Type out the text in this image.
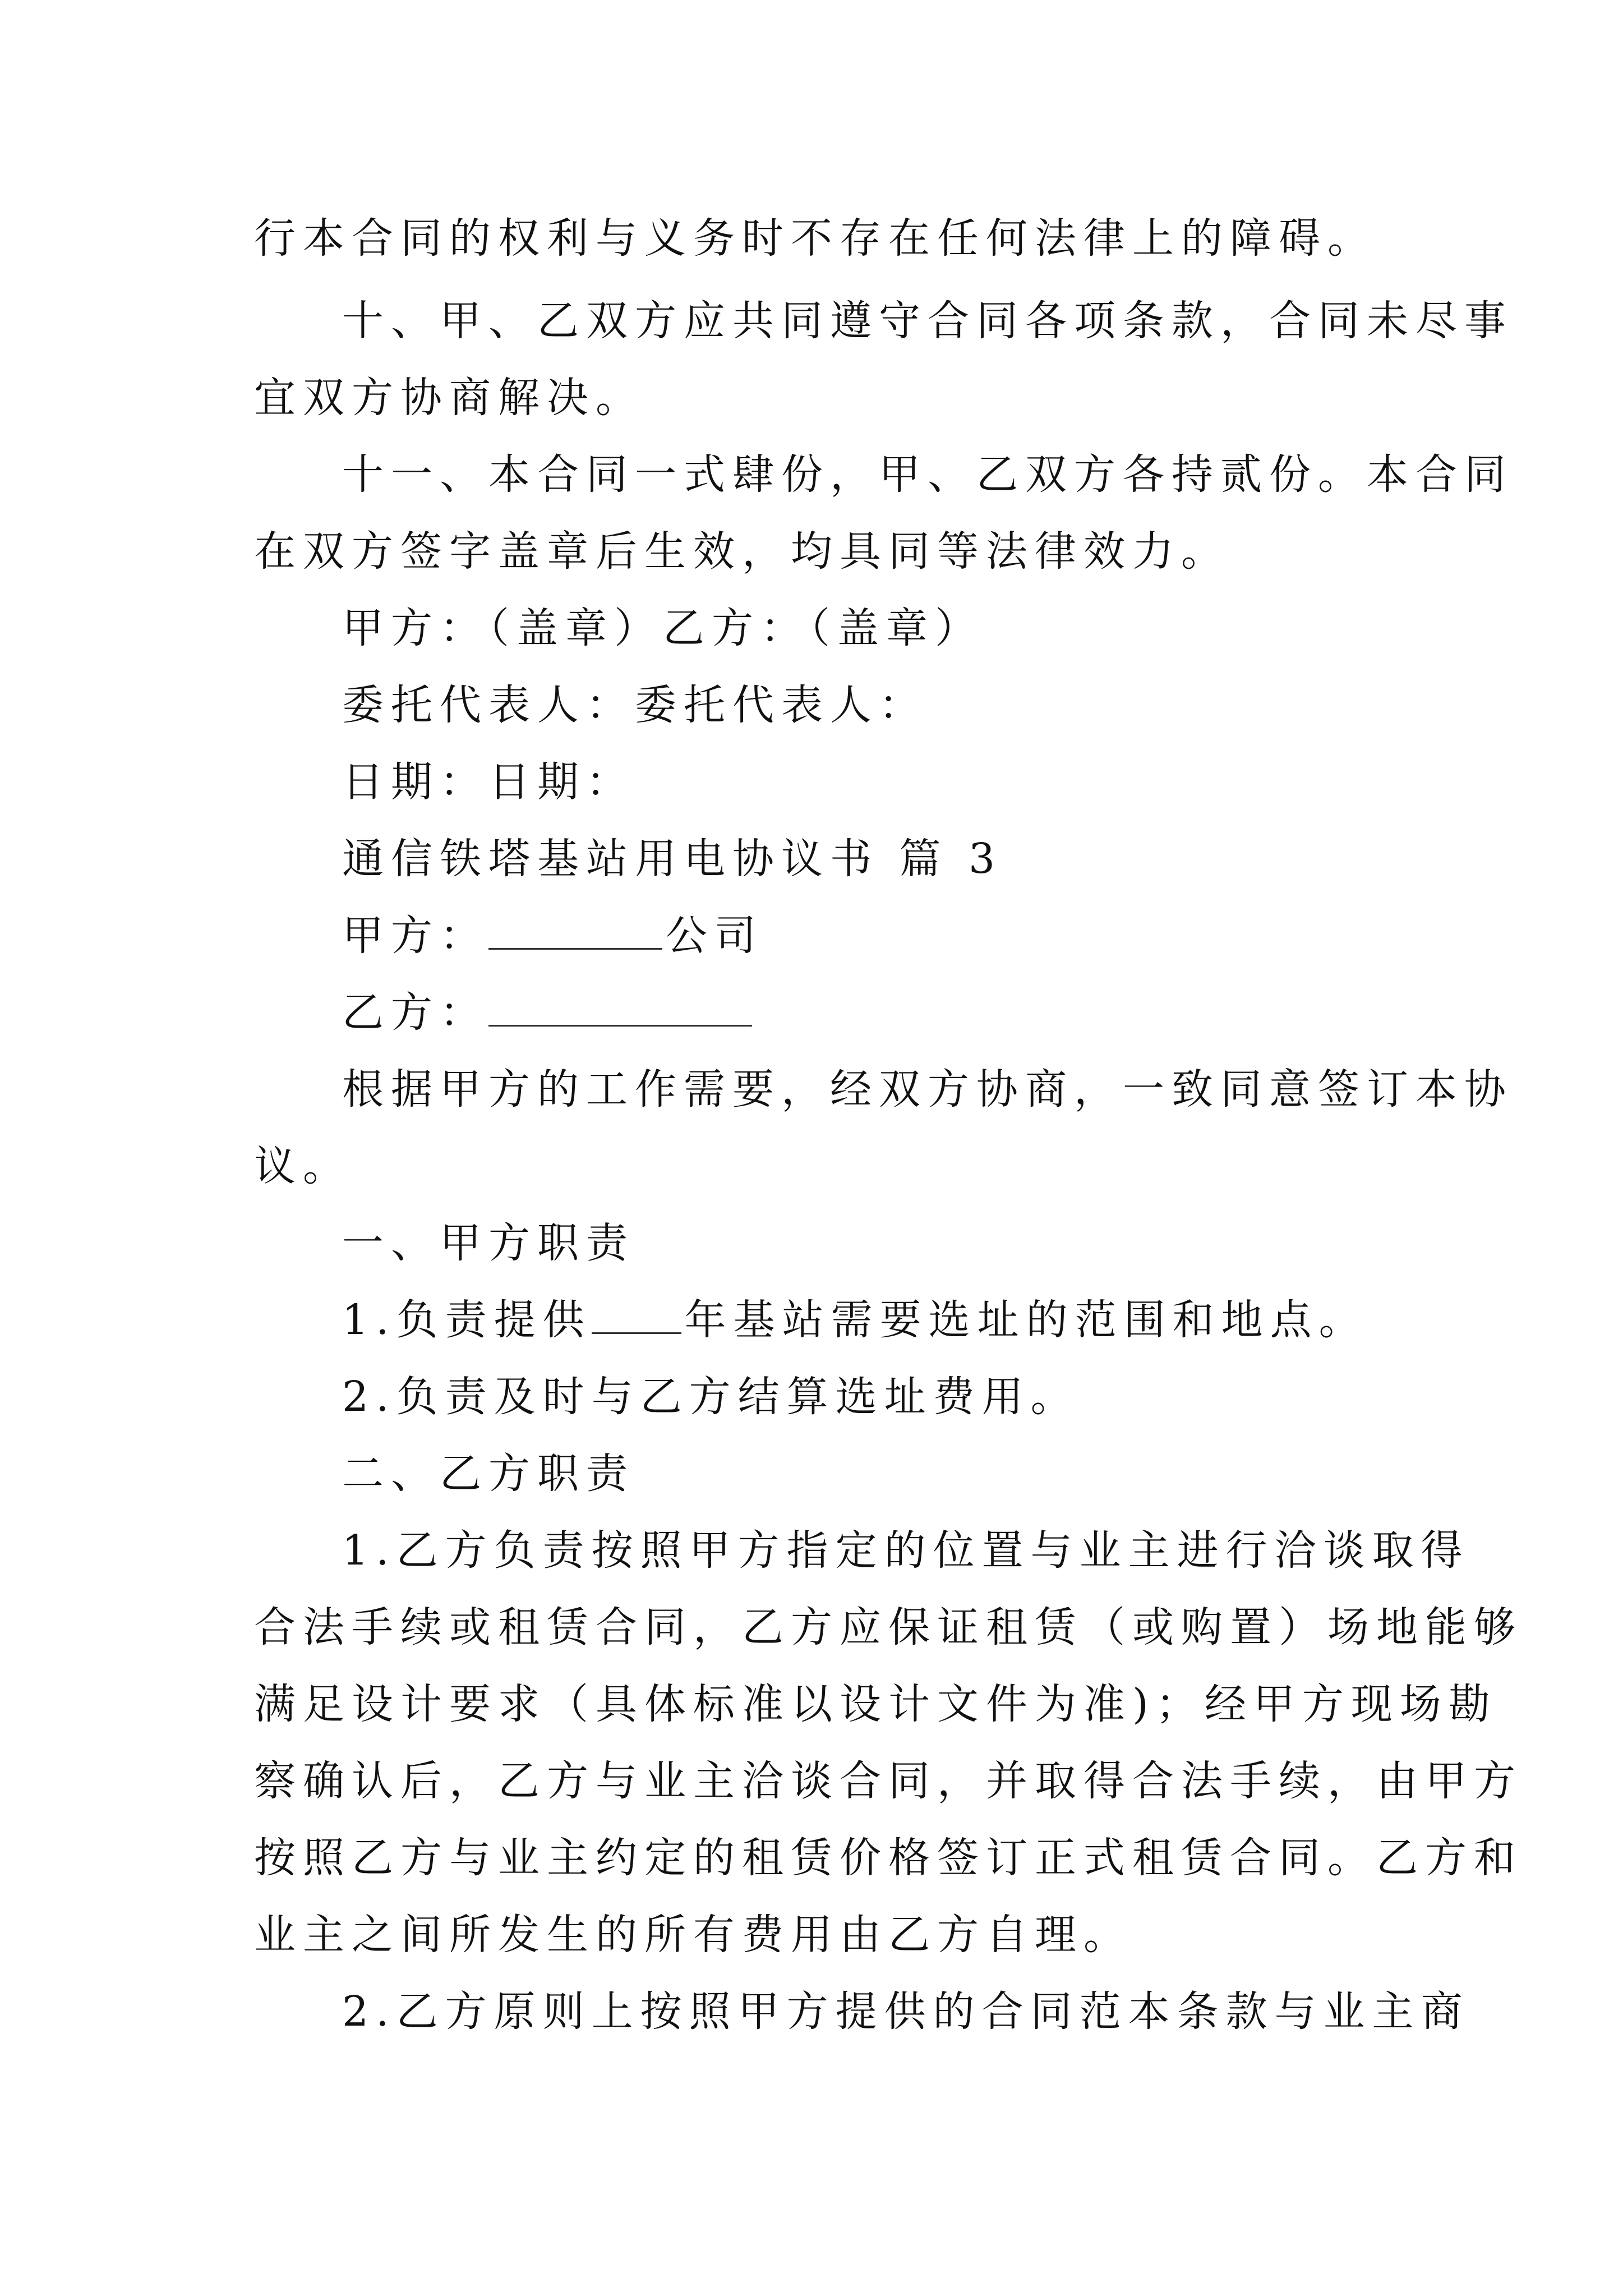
行本合同的权利与义务时不存在任何法律上的障碍。

十、甲、乙双方应共同遵守合同各项条款，合同未尽事

宜双方协商解决。

十一、本合同一式肆份，甲、乙双方各持贰份。本合同

在双方签字盖章后生效，均具同等法律效力。

甲方：（盖章）乙方：（盖章）

委托代表人：委托代表人：

日期：日期：

通信铁塔基站用电协议书 篇 3

甲方：	公司

乙方：

根据甲方的工作需要，经双方协商，一致同意签订本协

议。

一、甲方职责

1.负责提供 年基站需要选址的范围和地点。

2.负责及时与乙方结算选址费用。

二、乙方职责

1.乙方负责按照甲方指定的位置与业主进行洽谈取得

合法手续或租赁合同，乙方应保证租赁（或购置）场地能够

满足设计要求（具体标准以设计文件为准)；经甲方现场勘

察确认后，乙方与业主洽谈合同，并取得合法手续，由甲方

按照乙方与业主约定的租赁价格签订正式租赁合同。乙方和

业主之间所发生的所有费用由乙方自理。

2.乙方原则上按照甲方提供的合同范本条款与业主商
